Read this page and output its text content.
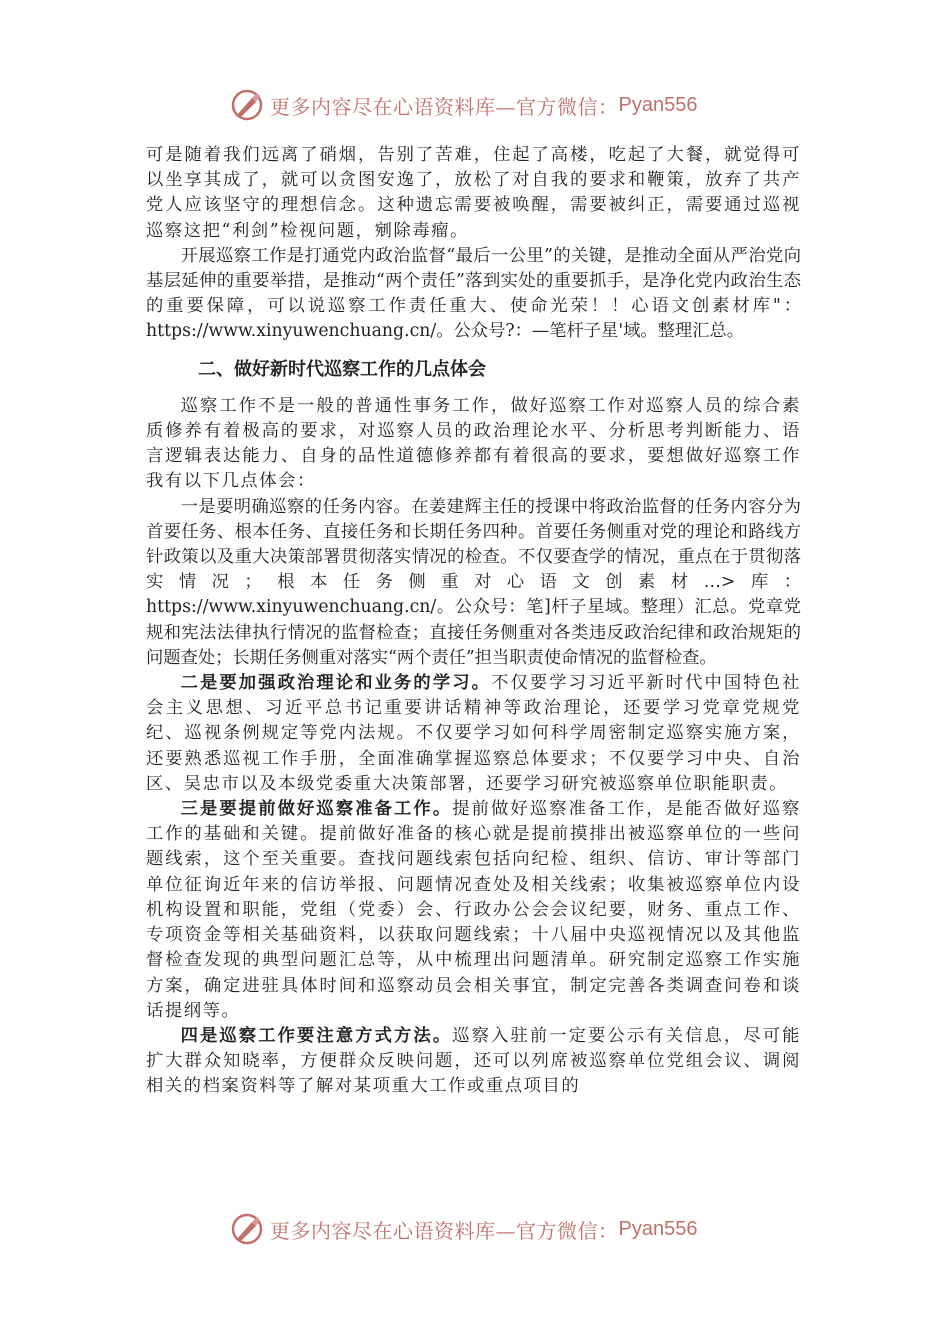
更多内容尽在心语资料库—官方微信： Pyan556

可是随着我们远离了硝烟，告别了苦难，住起了高楼，吃起了大餐，就觉得可以坐享其成了，就可以贪图安逸了，放松了对自我的要求和鞭策，放弃了共产党人应该坚守的理想信念。这种遗忘需要被唤醒，需要被纠正，需要通过巡视巡察这把“利剑”检视问题，剜除毒瘤。

开展巡察工作是打通党内政治监督“最后一公里”的关键，是推动全面从严治党向基层延伸的重要举措，是推动“两个责任”落到实处的重要抓手，是净化党内政治生态的重要保障，可以说巡察工作责任重大、使命光荣！！心语文创素材库"：https://www.xinyuwenchuang.cn/。公众号?：—笔杆子星'域。整理汇总。

二、做好新时代巡察工作的几点体会

巡察工作不是一般的普通性事务工作，做好巡察工作对巡察人员的综合素质修养有着极高的要求，对巡察人员的政治理论水平、分析思考判断能力、语言逻辑表达能力、自身的品性道德修养都有着很高的要求，要想做好巡察工作我有以下几点体会：

一是要明确巡察的任务内容。在姜建辉主任的授课中将政治监督的任务内容分为首要任务、根本任务、直接任务和长期任务四种。首要任务侧重对党的理论和路线方针政策以及重大决策部署贯彻落实情况的检查。不仅要查学的情况，重点在于贯彻落实情况；根本任务侧重对心语文创素材…>库：https://www.xinyuwenchuang.cn/。公众号：笔]杆子星域。整理）汇总。党章党规和宪法法律执行情况的监督检查；直接任务侧重对各类违反政治纪律和政治规矩的问题查处；长期任务侧重对落实“两个责任”担当职责使命情况的监督检查。

二是要加强政治理论和业务的学习。不仅要学习习近平新时代中国特色社会主义思想、习近平总书记重要讲话精神等政治理论，还要学习党章党规党纪、巡视条例规定等党内法规。不仅要学习如何科学周密制定巡察实施方案，还要熟悉巡视工作手册，全面准确掌握巡察总体要求；不仅要学习中央、自治区、吴忠市以及本级党委重大决策部署，还要学习研究被巡察单位职能职责。

三是要提前做好巡察准备工作。提前做好巡察准备工作，是能否做好巡察工作的基础和关键。提前做好准备的核心就是提前摸排出被巡察单位的一些问题线索，这个至关重要。查找问题线索包括向纪检、组织、信访、审计等部门单位征询近年来的信访举报、问题情况查处及相关线索；收集被巡察单位内设机构设置和职能，党组（党委）会、行政办公会会议纪要，财务、重点工作、专项资金等相关基础资料，以获取问题线索；十八届中央巡视情况以及其他监督检查发现的典型问题汇总等，从中梳理出问题清单。研究制定巡察工作实施方案，确定进驻具体时间和巡察动员会相关事宜，制定完善各类调查问卷和谈话提纲等。

四是巡察工作要注意方式方法。巡察入驻前一定要公示有关信息，尽可能扩大群众知晓率，方便群众反映问题，还可以列席被巡察单位党组会议、调阅相关的档案资料等了解对某项重大工作或重点项目的

更多内容尽在心语资料库—官方微信： Pyan556
